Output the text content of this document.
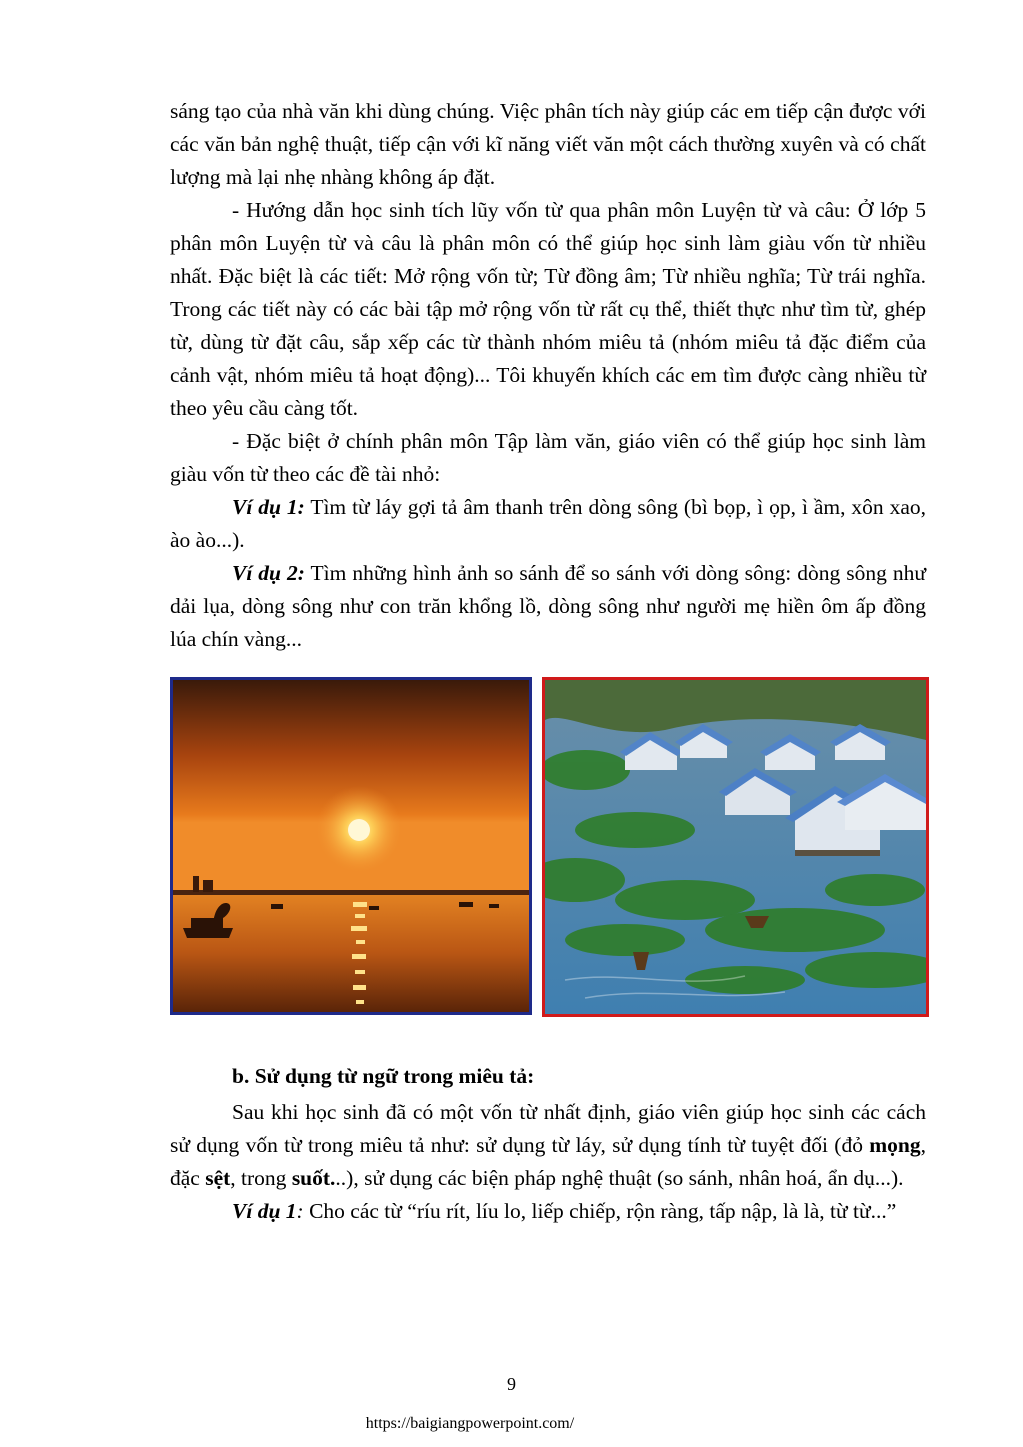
sáng tạo của nhà văn khi dùng chúng. Việc phân tích này giúp các em tiếp cận được với các văn bản nghệ thuật, tiếp cận với kĩ năng viết văn một cách thường xuyên và có chất lượng mà lại nhẹ nhàng không áp đặt.

- Hướng dẫn học sinh tích lũy vốn từ qua phân môn Luyện từ và câu: Ở lớp 5 phân môn Luyện từ và câu là phân môn có thể giúp học sinh làm giàu vốn từ nhiều nhất. Đặc biệt là các tiết: Mở rộng vốn từ; Từ đồng âm; Từ nhiều nghĩa; Từ trái nghĩa. Trong các tiết này có các bài tập mở rộng vốn từ rất cụ thể, thiết thực như tìm từ, ghép từ, dùng từ đặt câu, sắp xếp các từ thành nhóm miêu tả (nhóm miêu tả đặc điểm của cảnh vật, nhóm miêu tả hoạt động)... Tôi khuyến khích các em tìm được càng nhiều từ theo yêu cầu càng tốt.

- Đặc biệt ở chính phân môn Tập làm văn, giáo viên có thể giúp học sinh làm giàu vốn từ theo các đề tài nhỏ:

Ví dụ 1: Tìm từ láy gợi tả âm thanh trên dòng sông (bì bọp, ì ọp, ì ầm, xôn xao, ào ào...).

Ví dụ 2: Tìm những hình ảnh so sánh để so sánh với dòng sông: dòng sông như dải lụa, dòng sông như con trăn khổng lồ, dòng sông như người mẹ hiền ôm ấp đồng lúa chín vàng...

b. Sử dụng từ ngữ trong miêu tả:

Sau khi học sinh đã có một vốn từ nhất định, giáo viên giúp học sinh các cách sử dụng vốn từ trong miêu tả như: sử dụng từ láy, sử dụng tính từ tuyệt đối (đỏ mọng, đặc sệt, trong suốt...), sử dụng các biện pháp nghệ thuật (so sánh, nhân hoá, ẩn dụ...).

Ví dụ 1: Cho các từ “ríu rít, líu lo, liếp chiếp, rộn ràng, tấp nập, là là, từ từ...”

9
https://baigiangpowerpoint.com/
